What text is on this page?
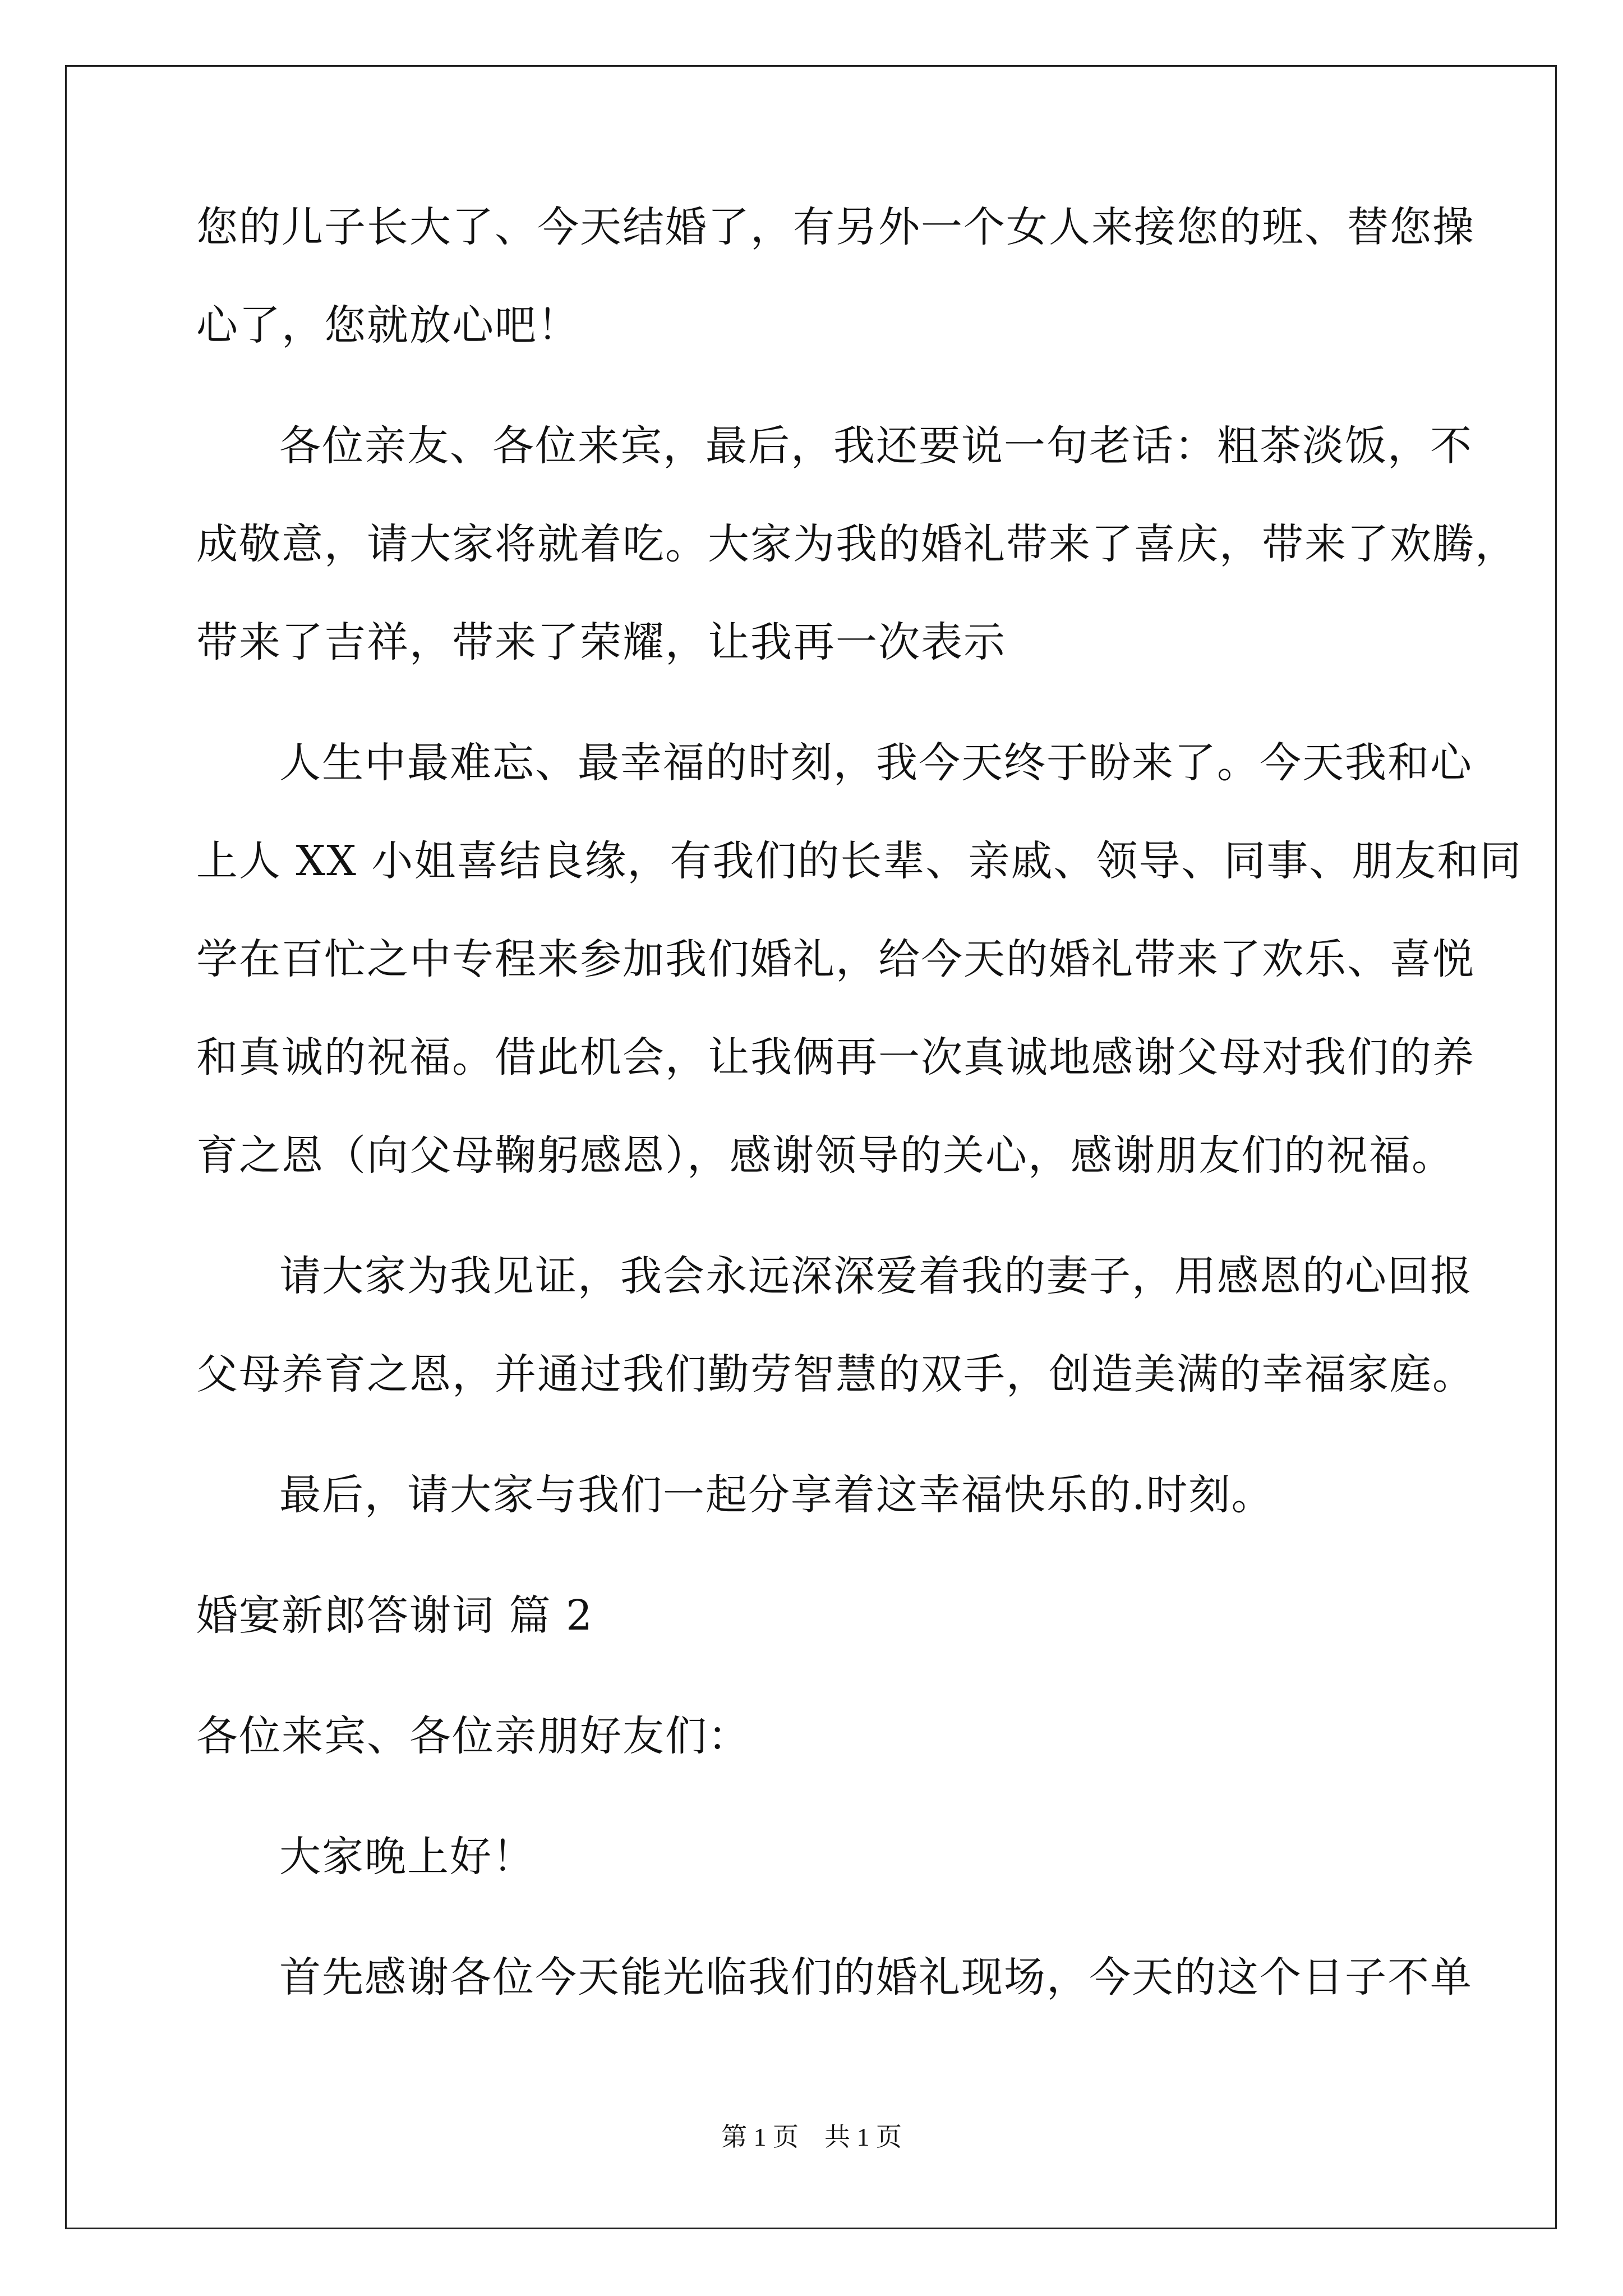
您的儿子长大了、今天结婚了，有另外一个女人来接您的班、替您操
心了，您就放心吧！
各位亲友、各位来宾，最后，我还要说一句老话：粗茶淡饭，不
成敬意，请大家将就着吃。大家为我的婚礼带来了喜庆，带来了欢腾，
带来了吉祥，带来了荣耀，让我再一次表示
人生中最难忘、最幸福的时刻，我今天终于盼来了。今天我和心
上人 XX 小姐喜结良缘，有我们的长辈、亲戚、领导、同事、朋友和同
学在百忙之中专程来参加我们婚礼，给今天的婚礼带来了欢乐、喜悦
和真诚的祝福。借此机会，让我俩再一次真诚地感谢父母对我们的养
育之恩（向父母鞠躬感恩），感谢领导的关心，感谢朋友们的祝福。
请大家为我见证，我会永远深深爱着我的妻子，用感恩的心回报
父母养育之恩，并通过我们勤劳智慧的双手，创造美满的幸福家庭。
最后，请大家与我们一起分享着这幸福快乐的.时刻。
婚宴新郎答谢词 篇 2
各位来宾、各位亲朋好友们：
大家晚上好！
首先感谢各位今天能光临我们的婚礼现场，今天的这个日子不单
第 1 页　共 1 页
